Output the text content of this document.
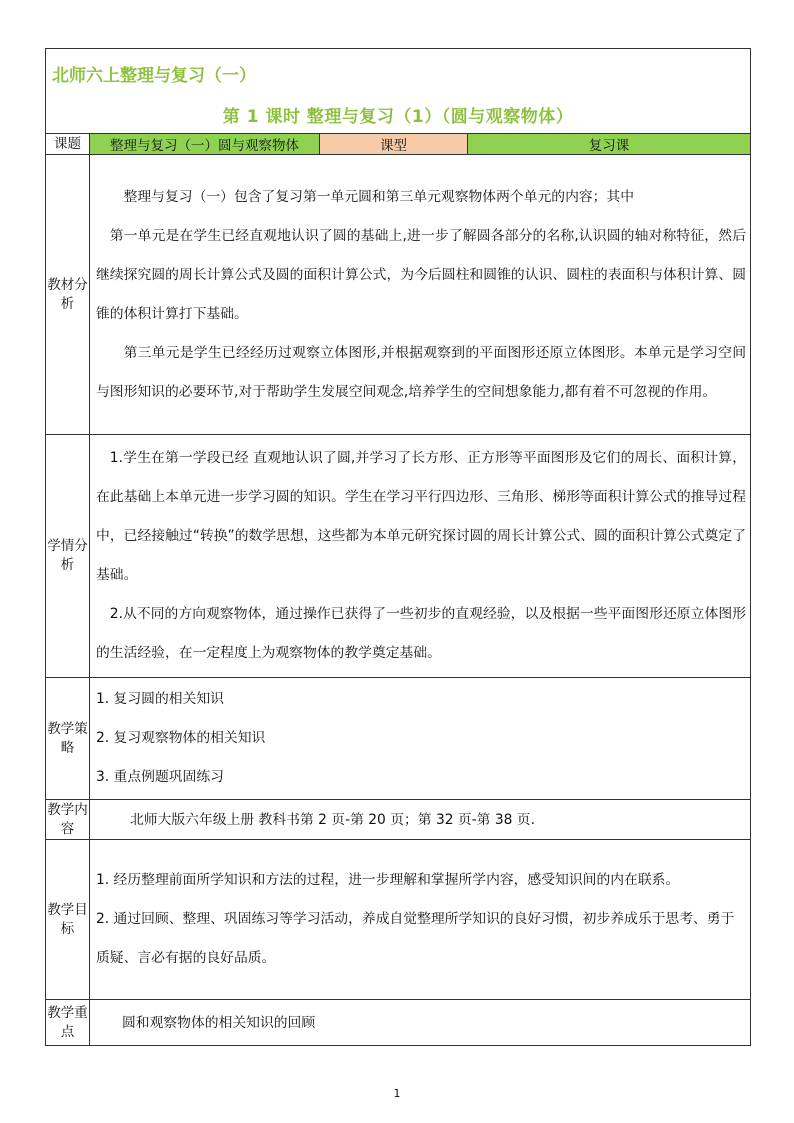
北师六上整理与复习（一）
第 1 课时 整理与复习（1）（圆与观察物体）			

课题	整理与复习（一）圆与观察物体	课型	复习课
教材分析	整理与复习（一）包含了复习第一单元圆和第三单元观察物体两个单元的内容；其中

第一单元是在学生已经直观地认识了圆的基础上,进一步了解圆各部分的名称,认识圆的轴对称特征，然后继续探究圆的周长计算公式及圆的面积计算公式，为今后圆柱和圆锥的认识、圆柱的表面积与体积计算、圆锥的体积计算打下基础。

第三单元是学生已经经历过观察立体图形,并根据观察到的平面图形还原立体图形。本单元是学习空间与图形知识的必要环节,对于帮助学生发展空间观念,培养学生的空间想象能力,都有着不可忽视的作用。		

学情分析	1.学生在第一学段已经 直观地认识了圆,并学习了长方形、正方形等平面图形及它们的周长、面积计算，在此基础上本单元进一步学习圆的知识。学生在学习平行四边形、三角形、梯形等面积计算公式的推导过程中，已经接触过“转换”的数学思想，这些都为本单元研究探讨圆的周长计算公式、圆的面积计算公式奠定了基础。

2.从不同的方向观察物体，通过操作已获得了一些初步的直观经验，以及根据一些平面图形还原立体图形的生活经验，在一定程度上为观察物体的教学奠定基础。		

教学策略	1. 复习圆的相关知识

2. 复习观察物体的相关知识

3. 重点例题巩固练习		

教学内容	北师大版六年级上册 教科书第 2 页-第 20 页；第 32 页-第 38 页.		
教学目标	1. 经历整理前面所学知识和方法的过程，进一步理解和掌握所学内容，感受知识间的内在联系。

2. 通过回顾、整理、巩固练习等学习活动，养成自觉整理所学知识的良好习惯，初步养成乐于思考、勇于质疑、言必有据的良好品质。		

教学重点	圆和观察物体的相关知识的回顾		
1
